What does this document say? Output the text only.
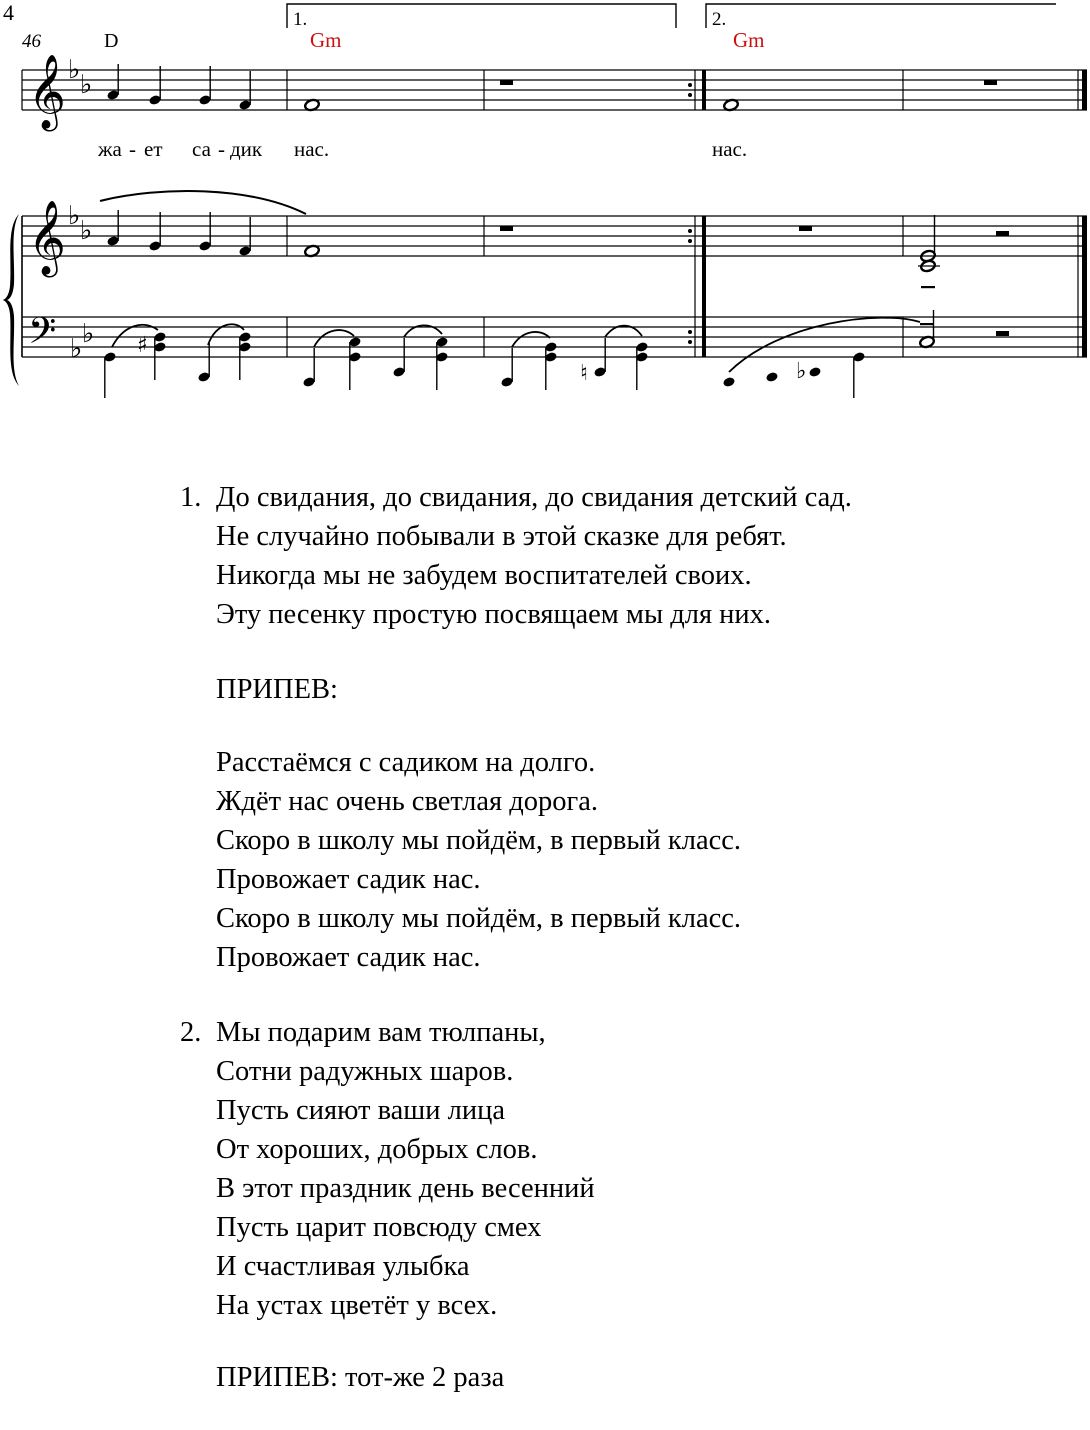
4
46	D	Gm	Gm
1.	2.
𝄞 ♭ ♭
жа - ет са - дик нас.	нас.
𝄞 ♭ ♭
𝄢 ♭ ♭ ♯
♮	♭
1. До свидания, до свидания, до свидания детский сад.

Не случайно побывали в этой сказке для ребят.

Никогда мы не забудем воспитателей своих.

Эту песенку простую посвящаем мы для них.

ПРИПЕВ:

Расстаёмся с садиком на долго.

Ждёт нас очень светлая дорога.

Скоро в школу мы пойдём, в первый класс.

Провожает садик нас.

Скоро в школу мы пойдём, в первый класс.

Провожает садик нас.

2. Мы подарим вам тюлпаны,

Сотни радужных шаров.

Пусть сияют ваши лица

От хороших, добрых слов.

В этот праздник день весенний

Пусть царит повсюду смех

И счастливая улыбка

На устах цветёт у всех.

ПРИПЕВ: тот-же 2 раза
